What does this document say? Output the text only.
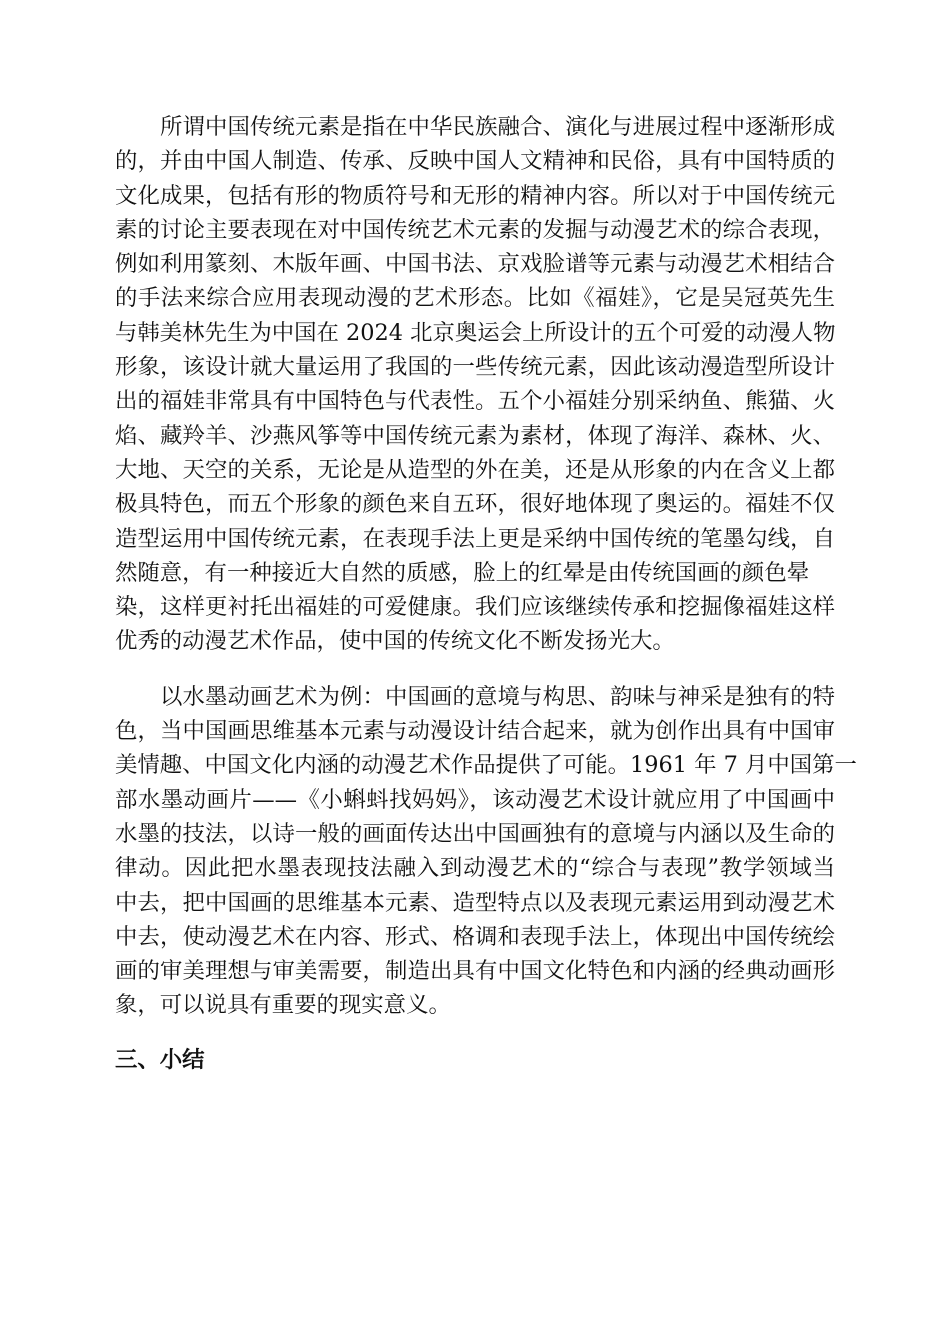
所谓中国传统元素是指在中华民族融合、演化与进展过程中逐渐形成
的，并由中国人制造、传承、反映中国人文精神和民俗，具有中国特质的
文化成果，包括有形的物质符号和无形的精神内容。所以对于中国传统元
素的讨论主要表现在对中国传统艺术元素的发掘与动漫艺术的综合表现，
例如利用篆刻、木版年画、中国书法、京戏脸谱等元素与动漫艺术相结合
的手法来综合应用表现动漫的艺术形态。比如《福娃》，它是吴冠英先生
与韩美林先生为中国在 2024 北京奥运会上所设计的五个可爱的动漫人物
形象，该设计就大量运用了我国的一些传统元素，因此该动漫造型所设计
出的福娃非常具有中国特色与代表性。五个小福娃分别采纳鱼、熊猫、火
焰、藏羚羊、沙燕风筝等中国传统元素为素材，体现了海洋、森林、火、
大地、天空的关系，无论是从造型的外在美，还是从形象的内在含义上都
极具特色，而五个形象的颜色来自五环，很好地体现了奥运的。福娃不仅
造型运用中国传统元素，在表现手法上更是采纳中国传统的笔墨勾线，自
然随意，有一种接近大自然的质感，脸上的红晕是由传统国画的颜色晕
染，这样更衬托出福娃的可爱健康。我们应该继续传承和挖掘像福娃这样
优秀的动漫艺术作品，使中国的传统文化不断发扬光大。
以水墨动画艺术为例：中国画的意境与构思、韵味与神采是独有的特
色，当中国画思维基本元素与动漫设计结合起来，就为创作出具有中国审
美情趣、中国文化内涵的动漫艺术作品提供了可能。1961 年 7 月中国第一
部水墨动画片——《小蝌蚪找妈妈》，该动漫艺术设计就应用了中国画中
水墨的技法，以诗一般的画面传达出中国画独有的意境与内涵以及生命的
律动。因此把水墨表现技法融入到动漫艺术的“综合与表现”教学领域当
中去，把中国画的思维基本元素、造型特点以及表现元素运用到动漫艺术
中去，使动漫艺术在内容、形式、格调和表现手法上，体现出中国传统绘
画的审美理想与审美需要，制造出具有中国文化特色和内涵的经典动画形
象，可以说具有重要的现实意义。
三、小结
